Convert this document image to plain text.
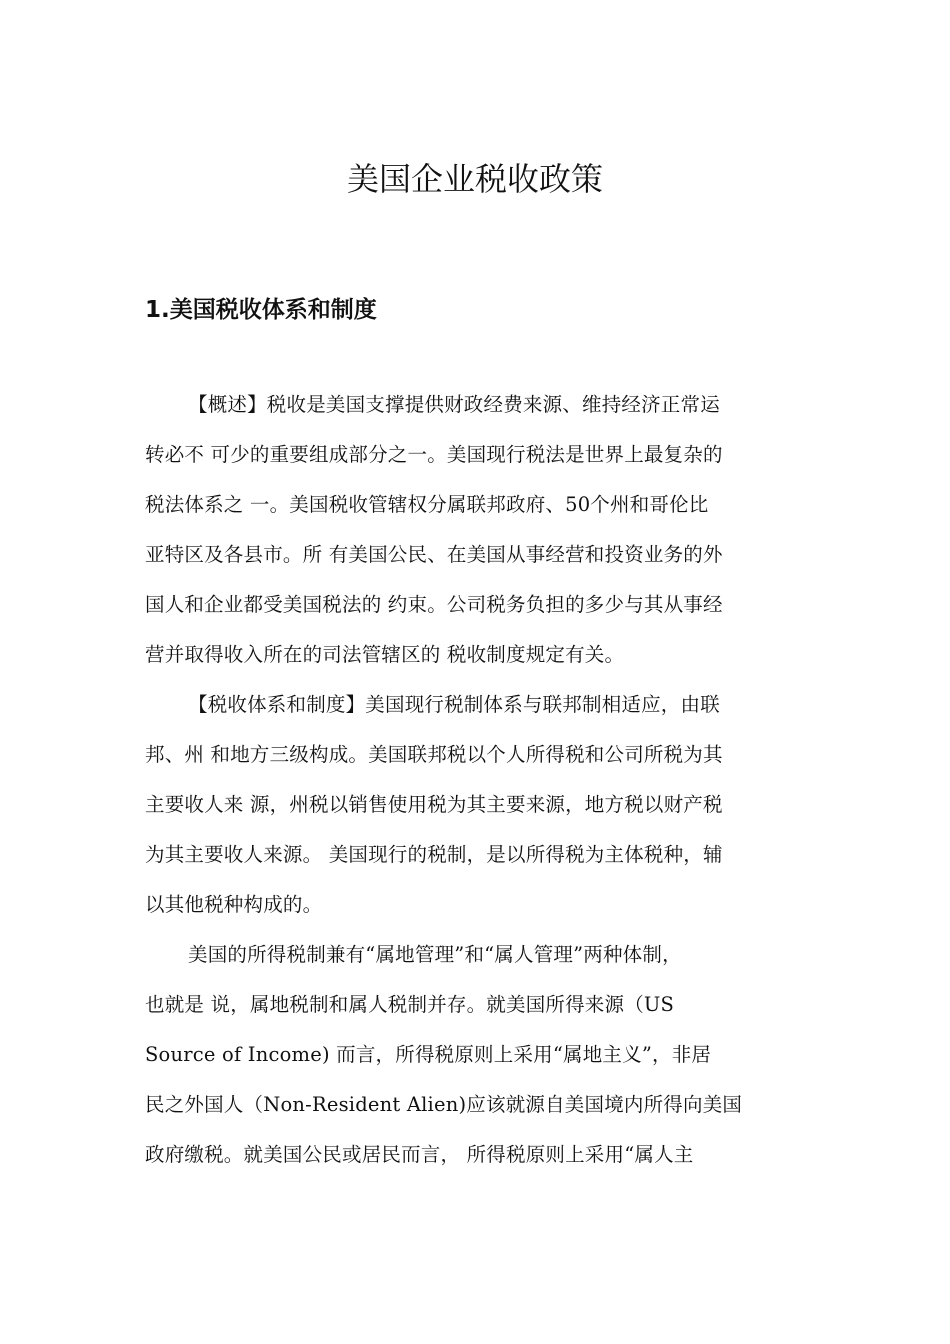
美国企业税收政策
1.美国税收体系和制度

【概述】税收是美国支撑提供财政经费来源、维持经济正常运
转必不 可少的重要组成部分之一。美国现行税法是世界上最复杂的
税法体系之 一。美国税收管辖权分属联邦政府、50个州和哥伦比
亚特区及各县市。所 有美国公民、在美国从事经营和投资业务的外
国人和企业都受美国税法的 约束。公司税务负担的多少与其从事经
营并取得收入所在的司法管辖区的 税收制度规定有关。

【税收体系和制度】美国现行税制体系与联邦制相适应，由联
邦、州 和地方三级构成。美国联邦税以个人所得税和公司所税为其
主要收人来 源，州税以销售使用税为其主要来源，地方税以财产税
为其主要收人来源。 美国现行的税制，是以所得税为主体税种，辅
以其他税种构成的。

美国的所得税制兼有“属地管理”和“属人管理”两种体制，
也就是 说，属地税制和属人税制并存。就美国所得来源（US
Source of Income) 而言，所得税原则上采用“属地主义”，非居
民之外国人（Non-Resident Alien)应该就源自美国境内所得向美国
政府缴税。就美国公民或居民而言， 所得税原则上采用“属人主
